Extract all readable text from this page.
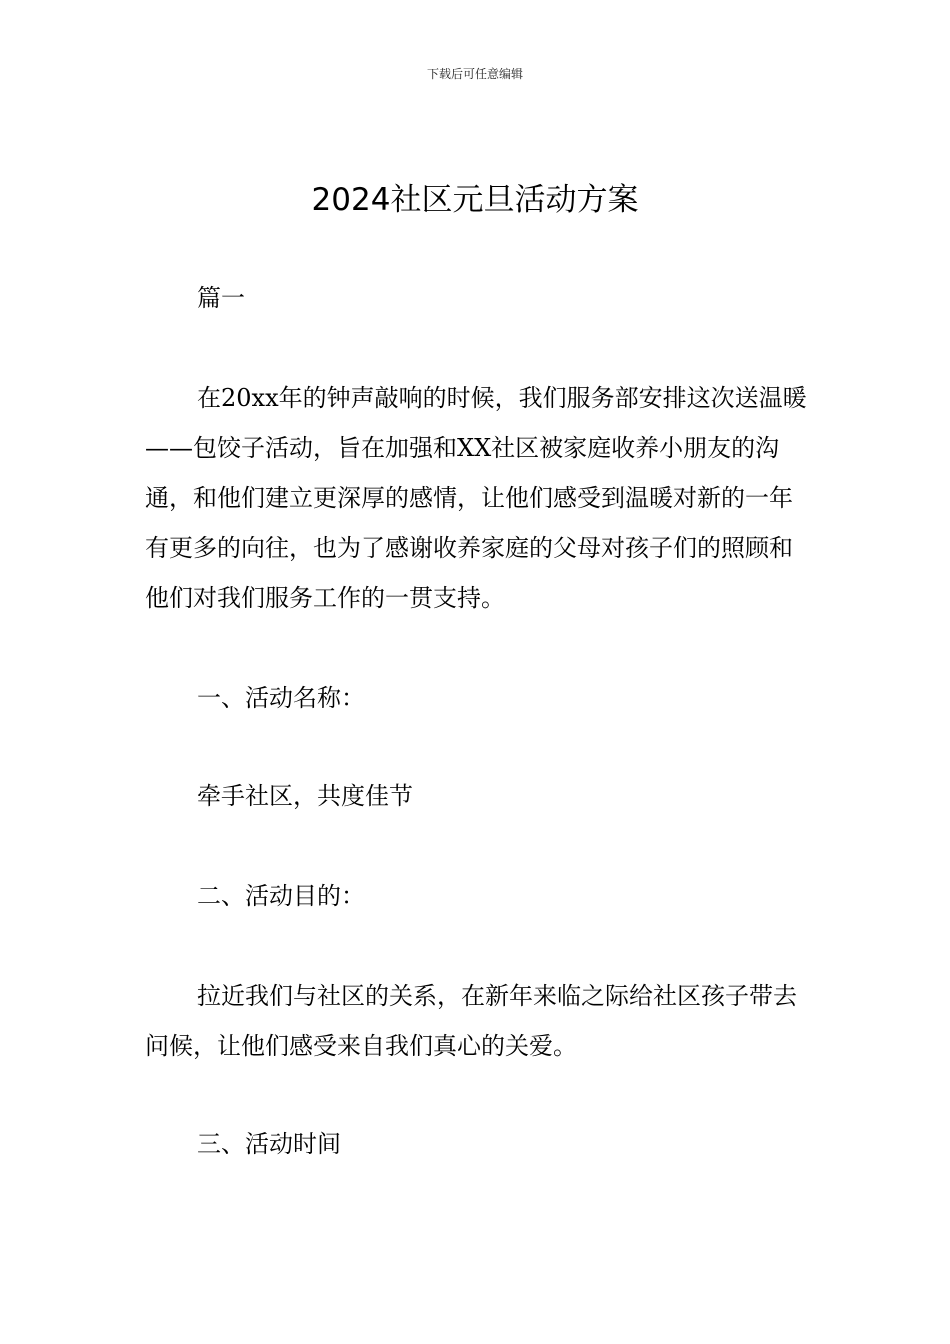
下载后可任意编辑
2024社区元旦活动方案

篇一

在20xx年的钟声敲响的时候，我们服务部安排这次送温暖——包饺子活动，旨在加强和XX社区被家庭收养小朋友的沟通，和他们建立更深厚的感情，让他们感受到温暖对新的一年有更多的向往，也为了感谢收养家庭的父母对孩子们的照顾和他们对我们服务工作的一贯支持。

一、活动名称：

牵手社区，共度佳节

二、活动目的：

拉近我们与社区的关系，在新年来临之际给社区孩子带去问候，让他们感受来自我们真心的关爱。

三、活动时间
